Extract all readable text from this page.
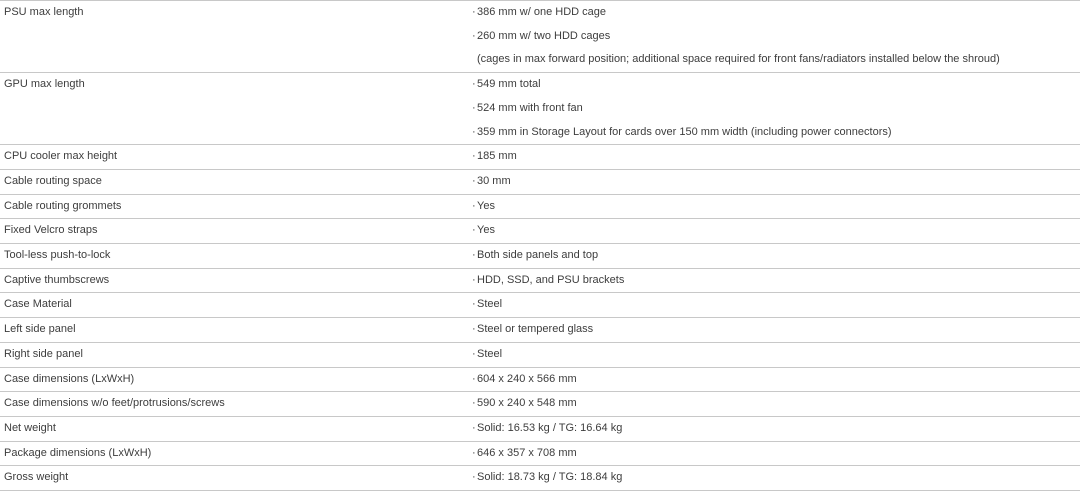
PSU max length	·386 mm w/ one HDD cage
·260 mm w/ two HDD cages
(cages in max forward position; additional space required for front fans/radiators installed below the shroud)

GPU max length	·549 mm total
·524 mm with front fan
·359 mm in Storage Layout for cards over 150 mm width (including power connectors)

CPU cooler max height	·185 mm

Cable routing space	·30 mm

Cable routing grommets	·Yes

Fixed Velcro straps	·Yes

Tool-less push-to-lock	·Both side panels and top

Captive thumbscrews	·HDD, SSD, and PSU brackets

Case Material	·Steel

Left side panel	·Steel or tempered glass

Right side panel	·Steel

Case dimensions (LxWxH)	·604 x 240 x 566 mm

Case dimensions w/o feet/protrusions/screws	·590 x 240 x 548 mm

Net weight	·Solid: 16.53 kg / TG: 16.64 kg

Package dimensions (LxWxH)	·646 x 357 x 708 mm

Gross weight	·Solid: 18.73 kg / TG: 18.84 kg
